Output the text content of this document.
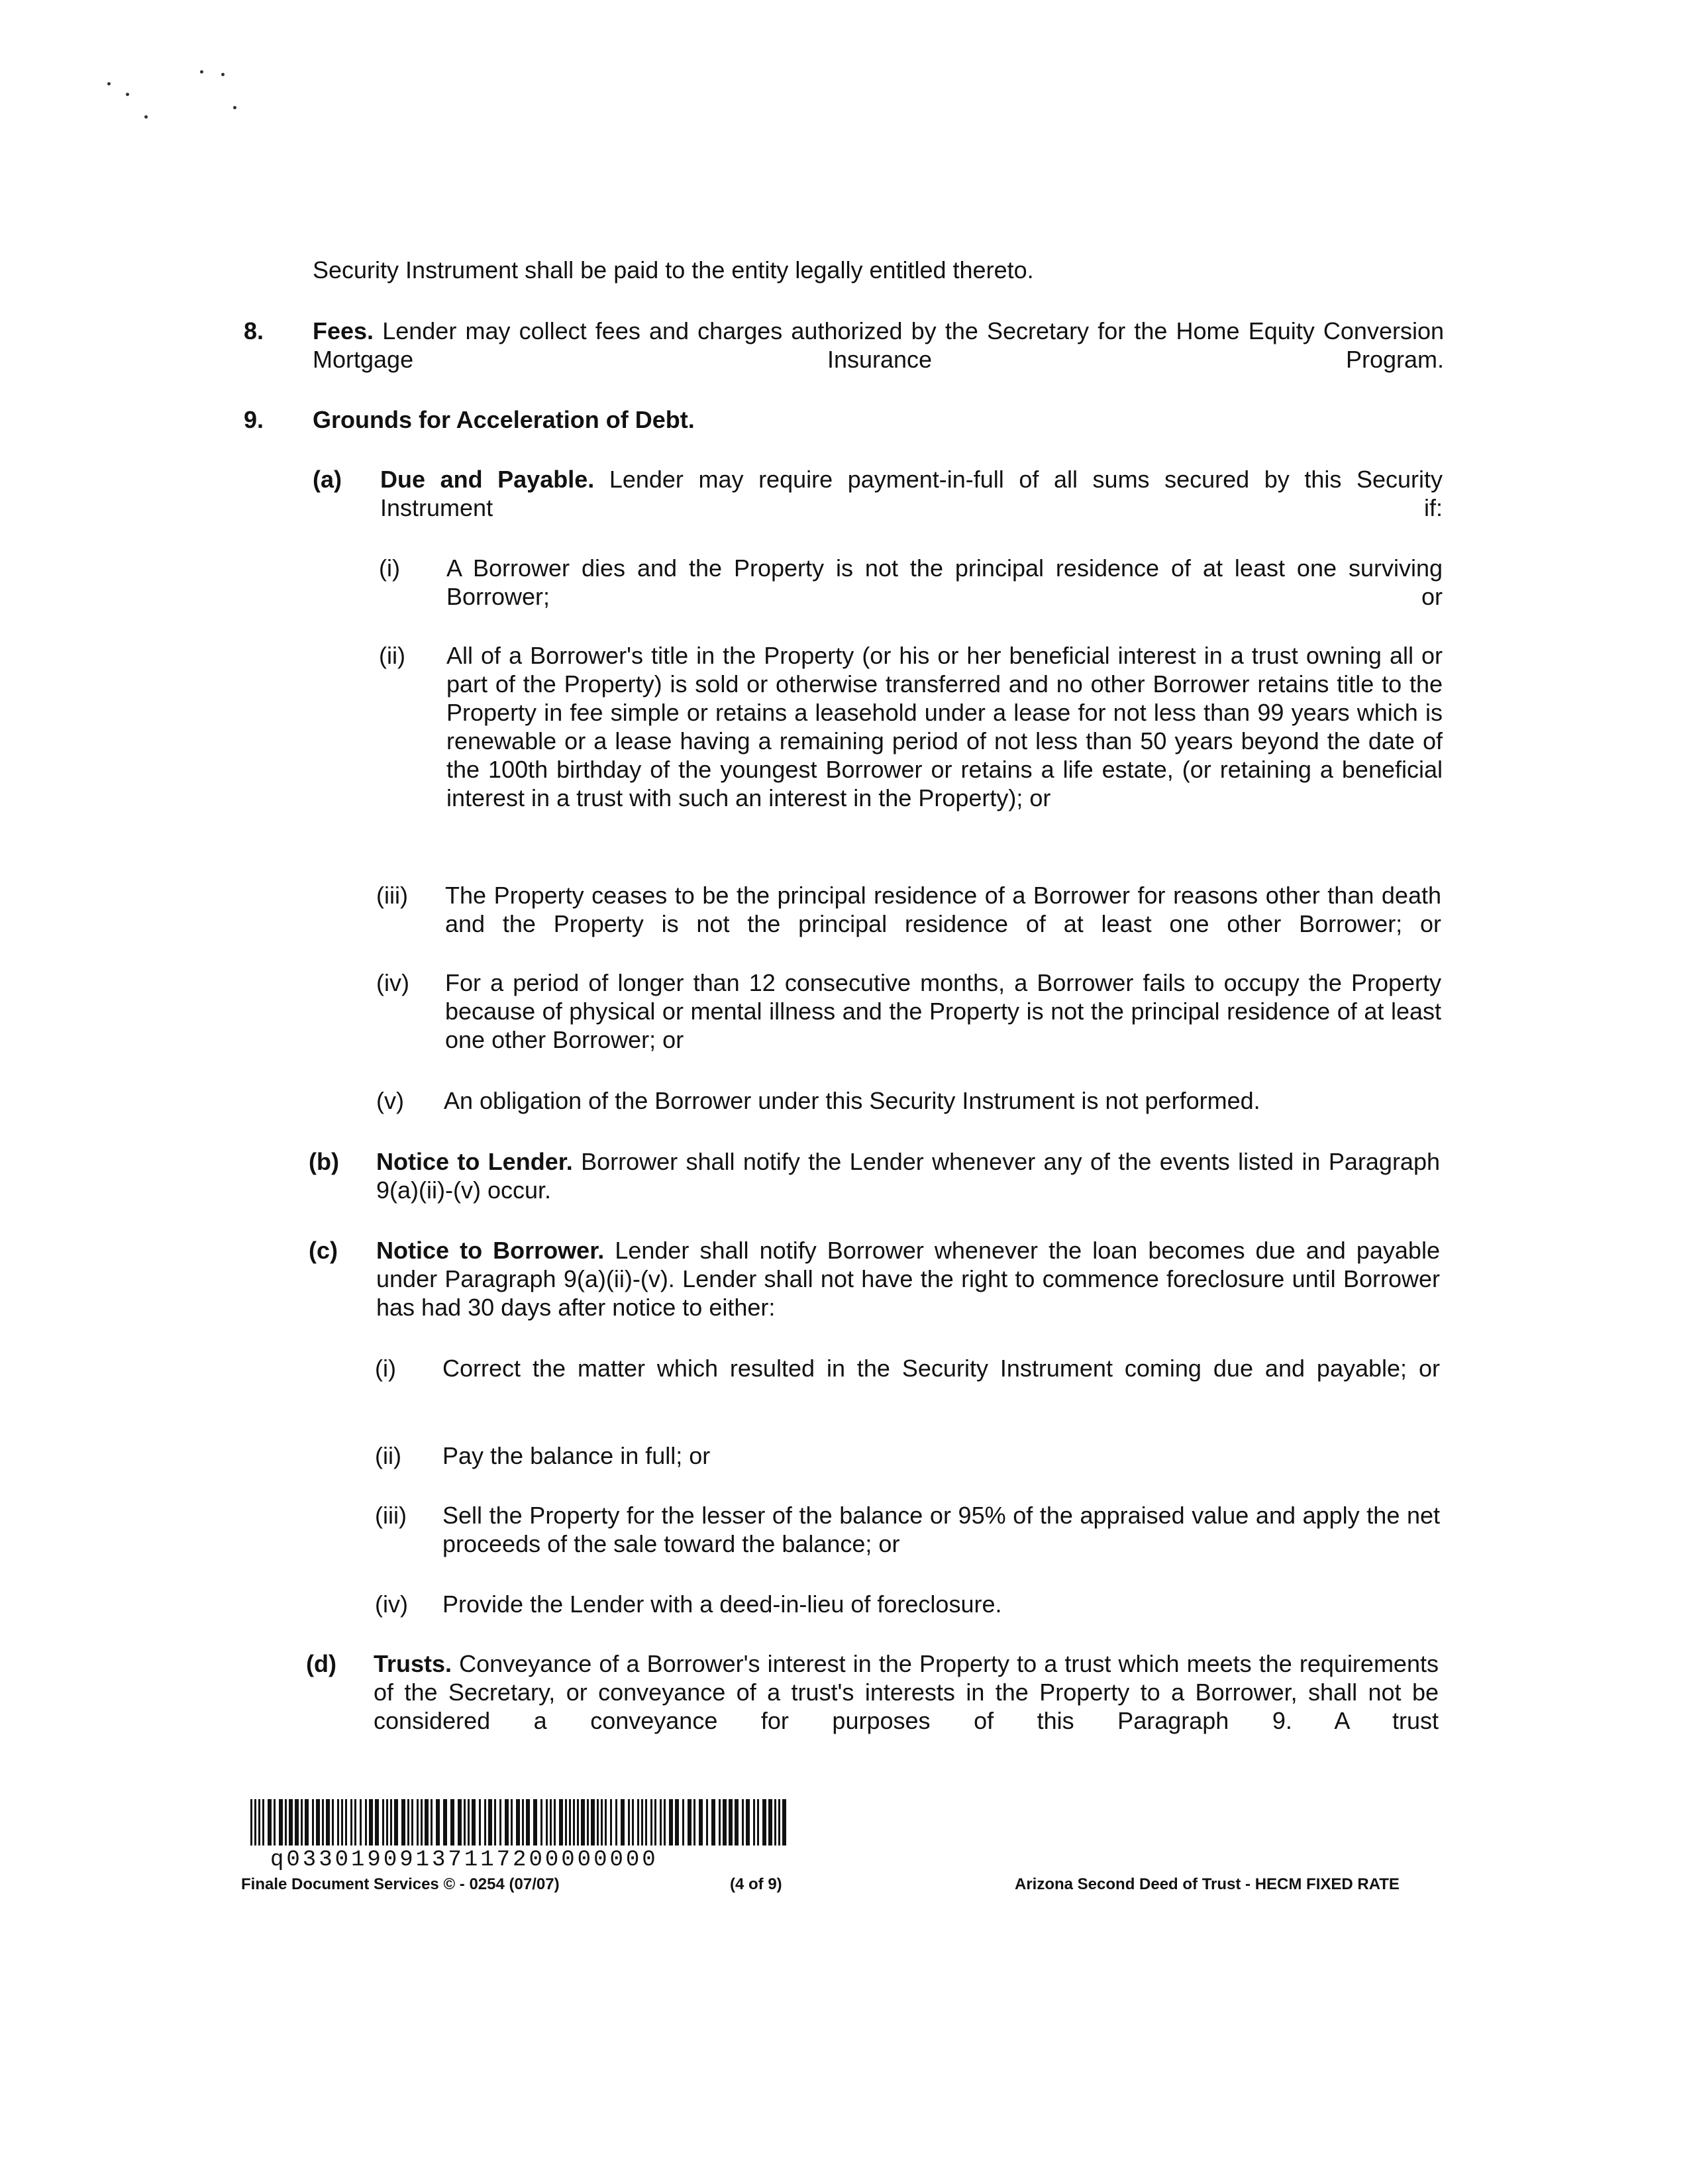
Security Instrument shall be paid to the entity legally entitled thereto.
8. Fees. Lender may collect fees and charges authorized by the Secretary for the Home Equity Conversion Mortgage Insurance Program.
9. Grounds for Acceleration of Debt.
(a) Due and Payable. Lender may require payment-in-full of all sums secured by this Security Instrument if:
(i) A Borrower dies and the Property is not the principal residence of at least one surviving Borrower; or
(ii) All of a Borrower's title in the Property (or his or her beneficial interest in a trust owning all or part of the Property) is sold or otherwise transferred and no other Borrower retains title to the Property in fee simple or retains a leasehold under a lease for not less than 99 years which is renewable or a lease having a remaining period of not less than 50 years beyond the date of the 100th birthday of the youngest Borrower or retains a life estate, (or retaining a beneficial interest in a trust with such an interest in the Property); or
(iii) The Property ceases to be the principal residence of a Borrower for reasons other than death and the Property is not the principal residence of at least one other Borrower; or
(iv) For a period of longer than 12 consecutive months, a Borrower fails to occupy the Property because of physical or mental illness and the Property is not the principal residence of at least one other Borrower; or
(v) An obligation of the Borrower under this Security Instrument is not performed.
(b) Notice to Lender. Borrower shall notify the Lender whenever any of the events listed in Paragraph 9(a)(ii)-(v) occur.
(c) Notice to Borrower. Lender shall notify Borrower whenever the loan becomes due and payable under Paragraph 9(a)(ii)-(v). Lender shall not have the right to commence foreclosure until Borrower has had 30 days after notice to either:
(i) Correct the matter which resulted in the Security Instrument coming due and payable; or
(ii) Pay the balance in full; or
(iii) Sell the Property for the lesser of the balance or 95% of the appraised value and apply the net proceeds of the sale toward the balance; or
(iv) Provide the Lender with a deed-in-lieu of foreclosure.
(d) Trusts. Conveyance of a Borrower's interest in the Property to a trust which meets the requirements of the Secretary, or conveyance of a trust's interests in the Property to a Borrower, shall not be considered a conveyance for purposes of this Paragraph 9. A trust
q03301909137117200000000
Finale Document Services © - 0254 (07/07)	(4 of 9)	Arizona Second Deed of Trust - HECM FIXED RATE
